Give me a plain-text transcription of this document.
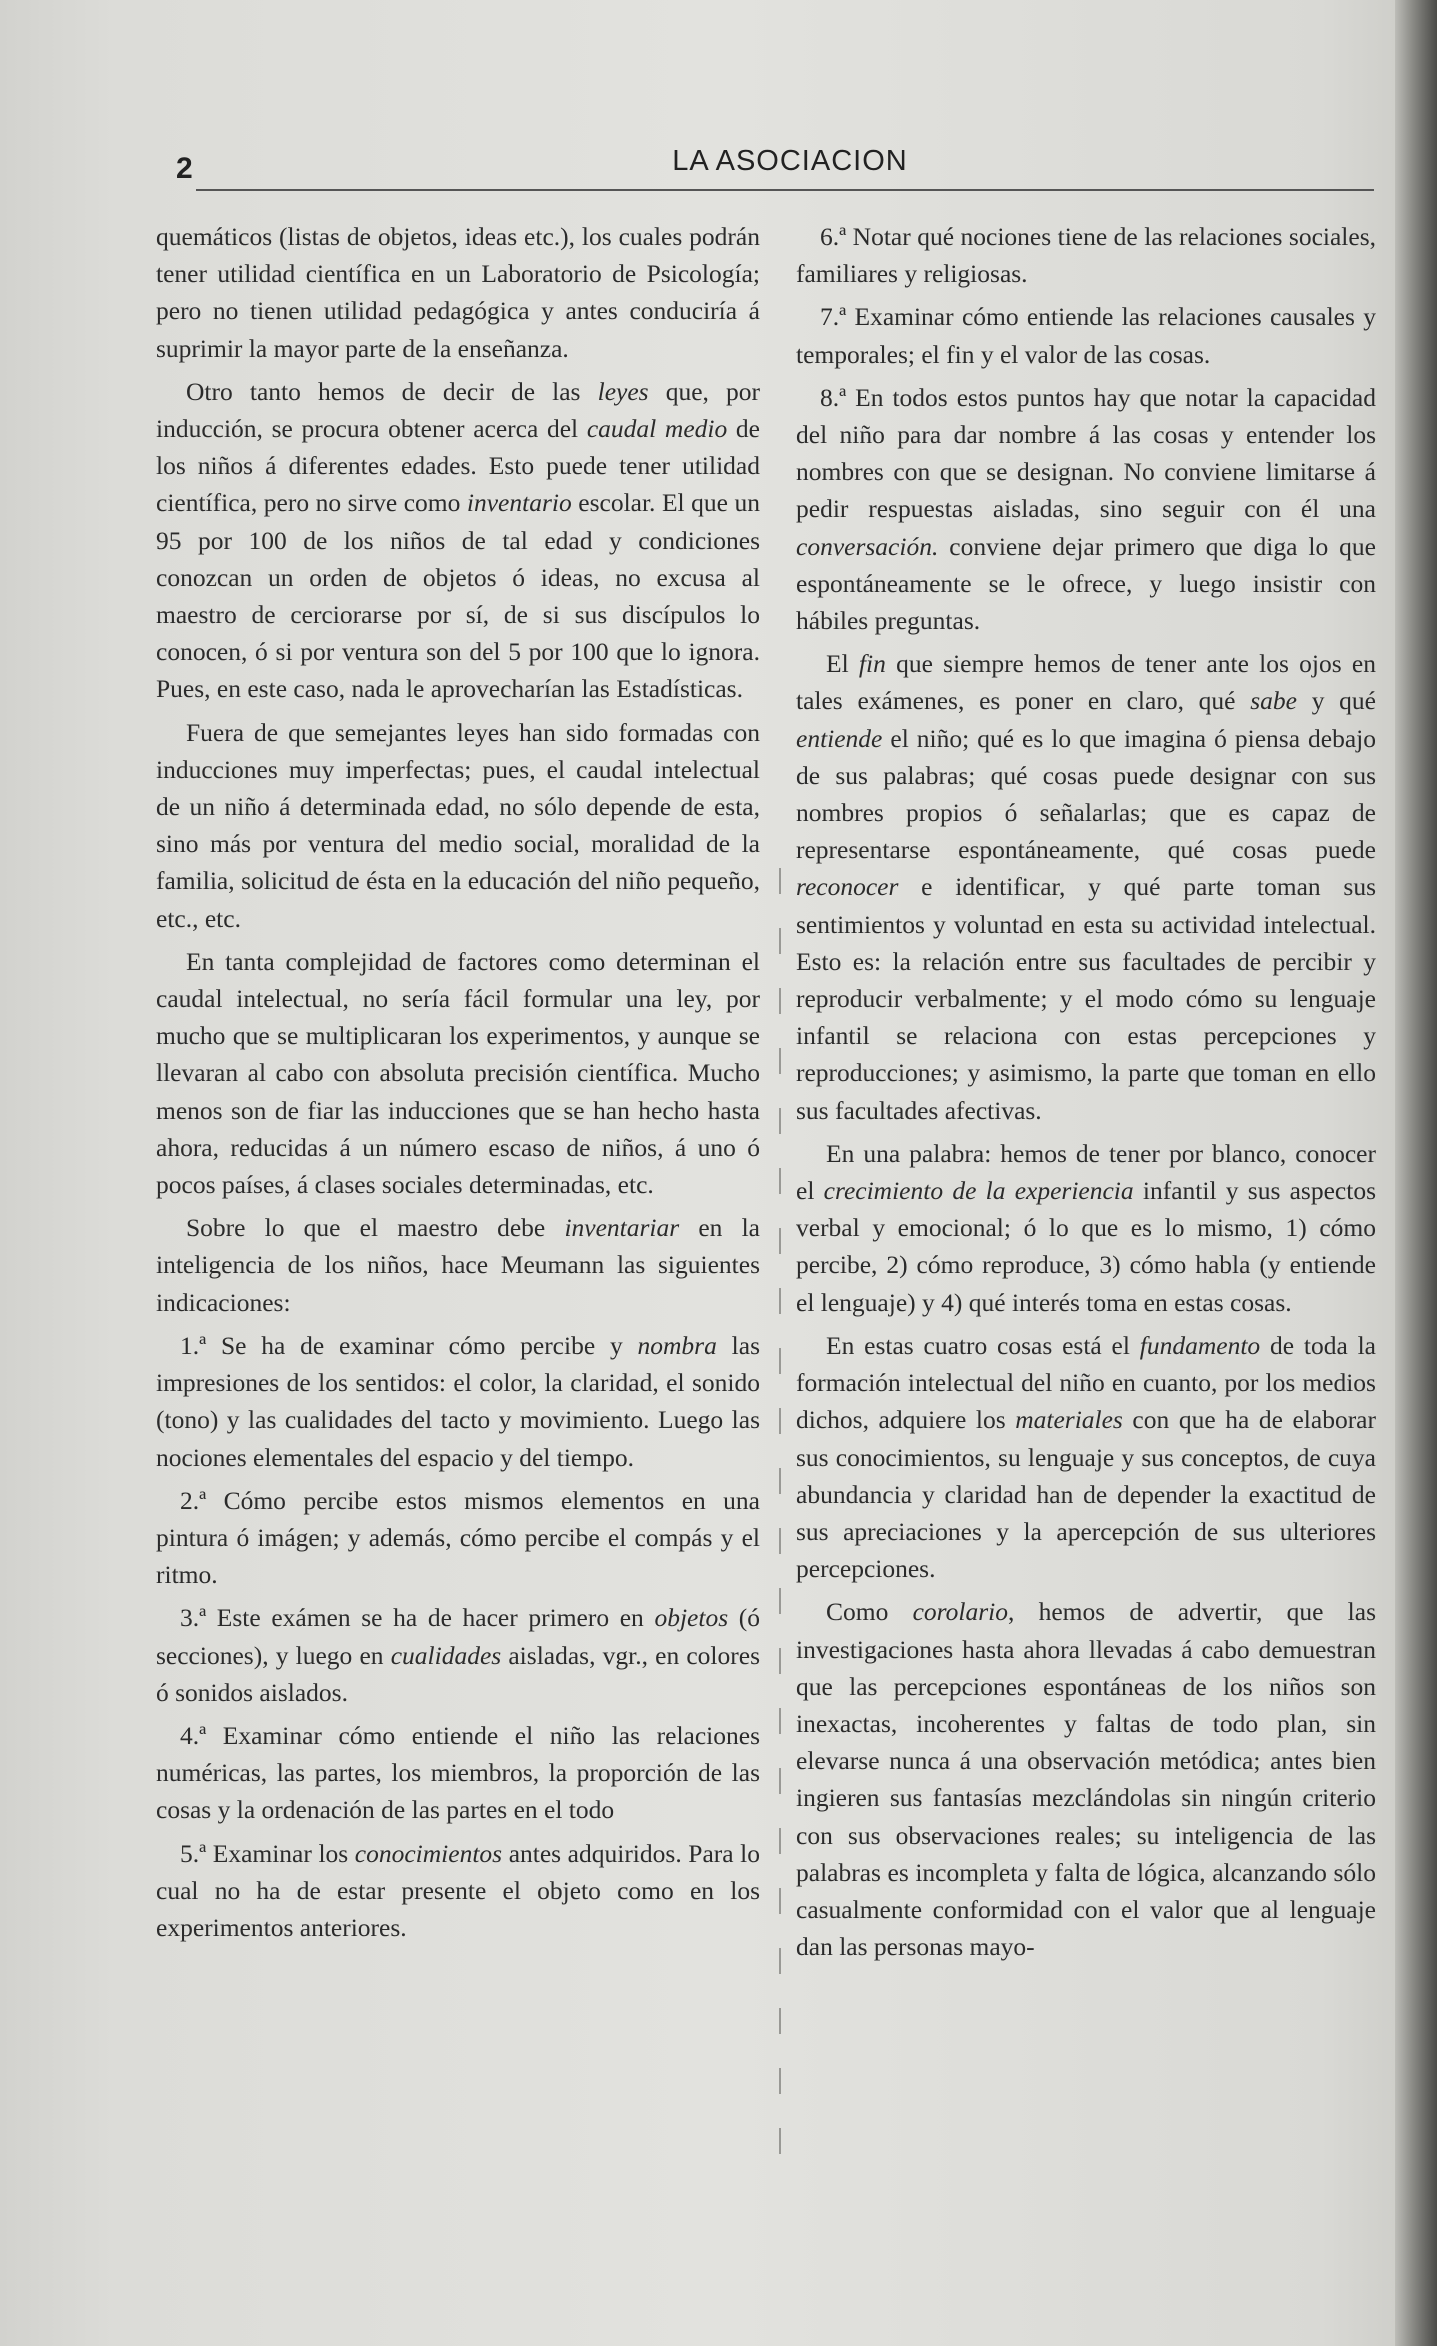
2	LA ASOCIACION

quemáticos (listas de objetos, ideas etc.), los cuales podrán tener utilidad científica en un Laboratorio de Psicología; pero no tienen utilidad pedagógica y antes conduciría á suprimir la mayor parte de la enseñanza.

Otro tanto hemos de decir de las leyes que, por inducción, se procura obtener acerca del caudal medio de los niños á diferentes edades. Esto puede tener utilidad científica, pero no sirve como inventario escolar. El que un 95 por 100 de los niños de tal edad y condiciones conozcan un orden de objetos ó ideas, no excusa al maestro de cerciorarse por sí, de si sus discípulos lo conocen, ó si por ventura son del 5 por 100 que lo ignora. Pues, en este caso, nada le aprovecharían las Estadísticas.

Fuera de que semejantes leyes han sido formadas con inducciones muy imperfectas; pues, el caudal intelectual de un niño á determinada edad, no sólo depende de esta, sino más por ventura del medio social, moralidad de la familia, solicitud de ésta en la educación del niño pequeño, etc., etc.

En tanta complejidad de factores como determinan el caudal intelectual, no sería fácil formular una ley, por mucho que se multiplicaran los experimentos, y aunque se llevaran al cabo con absoluta precisión científica. Mucho menos son de fiar las inducciones que se han hecho hasta ahora, reducidas á un número escaso de niños, á uno ó pocos países, á clases sociales determinadas, etc.

Sobre lo que el maestro debe inventariar en la inteligencia de los niños, hace Meumann las siguientes indicaciones:

1.ª Se ha de examinar cómo percibe y nombra las impresiones de los sentidos: el color, la claridad, el sonido (tono) y las cualidades del tacto y movimiento. Luego las nociones elementales del espacio y del tiempo.

2.ª Cómo percibe estos mismos elementos en una pintura ó imágen; y además, cómo percibe el compás y el ritmo.

3.ª Este exámen se ha de hacer primero en objetos (ó secciones), y luego en cualidades aisladas, vgr., en colores ó sonidos aislados.

4.ª Examinar cómo entiende el niño las relaciones numéricas, las partes, los miembros, la proporción de las cosas y la ordenación de las partes en el todo

5.ª Examinar los conocimientos antes adquiridos. Para lo cual no ha de estar presente el objeto como en los experimentos anteriores.

6.ª Notar qué nociones tiene de las relaciones sociales, familiares y religiosas.

7.ª Examinar cómo entiende las relaciones causales y temporales; el fin y el valor de las cosas.

8.ª En todos estos puntos hay que notar la capacidad del niño para dar nombre á las cosas y entender los nombres con que se designan. No conviene limitarse á pedir respuestas aisladas, sino seguir con él una conversación. conviene dejar primero que diga lo que espontáneamente se le ofrece, y luego insistir con hábiles preguntas.

El fin que siempre hemos de tener ante los ojos en tales exámenes, es poner en claro, qué sabe y qué entiende el niño; qué es lo que imagina ó piensa debajo de sus palabras; qué cosas puede designar con sus nombres propios ó señalarlas; que es capaz de representarse espontáneamente, qué cosas puede reconocer e identificar, y qué parte toman sus sentimientos y voluntad en esta su actividad intelectual. Esto es: la relación entre sus facultades de percibir y reproducir verbalmente; y el modo cómo su lenguaje infantil se relaciona con estas percepciones y reproducciones; y asimismo, la parte que toman en ello sus facultades afectivas.

En una palabra: hemos de tener por blanco, conocer el crecimiento de la experiencia infantil y sus aspectos verbal y emocional; ó lo que es lo mismo, 1) cómo percibe, 2) cómo reproduce, 3) cómo habla (y entiende el lenguaje) y 4) qué interés toma en estas cosas.

En estas cuatro cosas está el fundamento de toda la formación intelectual del niño en cuanto, por los medios dichos, adquiere los materiales con que ha de elaborar sus conocimientos, su lenguaje y sus conceptos, de cuya abundancia y claridad han de depender la exactitud de sus apreciaciones y la apercepción de sus ulteriores percepciones.

Como corolario, hemos de advertir, que las investigaciones hasta ahora llevadas á cabo demuestran que las percepciones espontáneas de los niños son inexactas, incoherentes y faltas de todo plan, sin elevarse nunca á una observación metódica; antes bien ingieren sus fantasías mezclándolas sin ningún criterio con sus observaciones reales; su inteligencia de las palabras es incompleta y falta de lógica, alcanzando sólo casualmente conformidad con el valor que al lenguaje dan las personas mayo-
